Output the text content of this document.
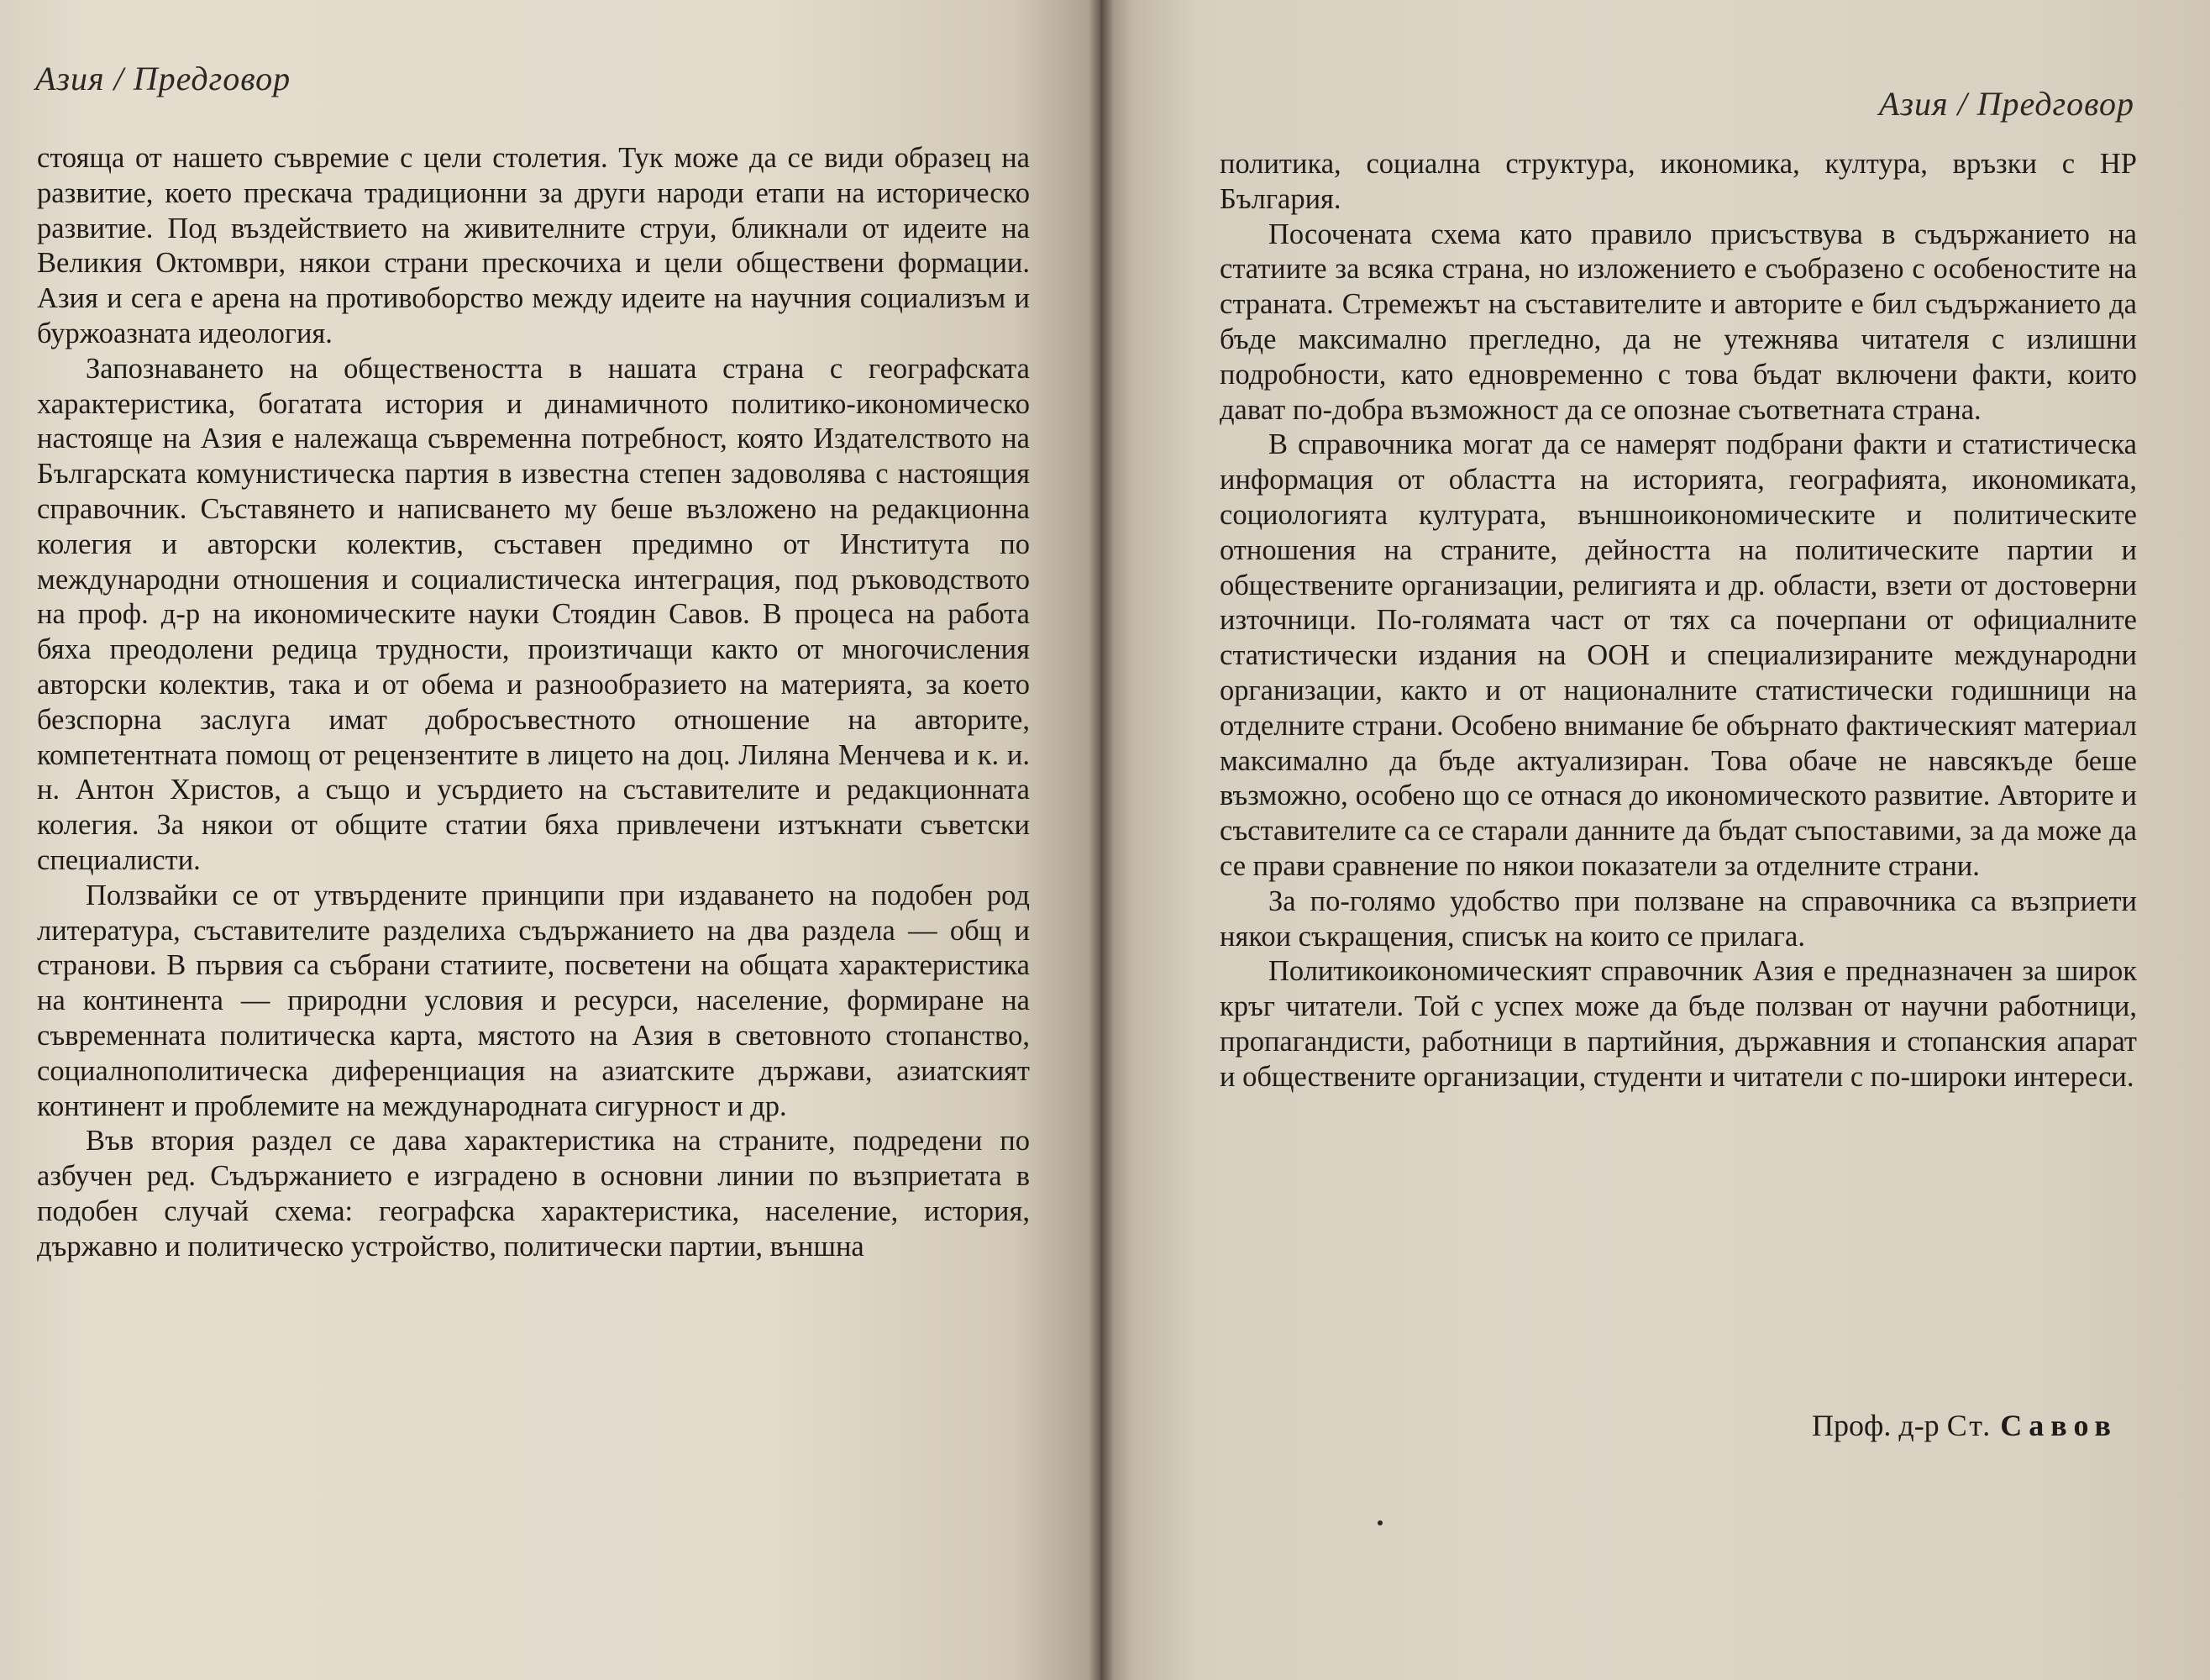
Азия / Предговор

стояща от нашето съвремие с цели столетия. Тук може да се види образец на развитие, което прескача традиционни за други народи етапи на историческо развитие. Под въздействието на живителните струи, бликнали от идеите на Великия Октомври, някои страни прескочиха и цели обществени формации. Азия и сега е арена на противоборство между идеите на научния социализъм и буржоазната идеология.

Запознаването на обществеността в нашата страна с географската характеристика, богатата история и динамичното политико-икономическо настояще на Азия е належаща съвременна потребност, която Издателството на Българската комунистическа партия в известна степен задоволява с настоящия справочник. Съставянето и написването му беше възложено на редакционна колегия и авторски колектив, съставен предимно от Института по международни отношения и социалистическа интеграция, под ръководството на проф. д-р на икономическите науки Стоядин Савов. В процеса на работа бяха преодолени редица трудности, произтичащи както от многочисления авторски колектив, така и от обема и разнообразието на материята, за което безспорна заслуга имат добросъвестното отношение на авторите, компетентната помощ от рецензентите в лицето на доц. Лиляна Менчева и к. и. н. Антон Христов, а също и усърдието на съставителите и редакционната колегия. За някои от общите статии бяха привлечени изтъкнати съветски специалисти.

Ползвайки се от утвърдените принципи при издаването на подобен род литература, съставителите разделиха съдържанието на два раздела — общ и странови. В първия са събрани статиите, посветени на общата характеристика на континента — природни условия и ресурси, население, формиране на съвременната политическа карта, мястото на Азия в световното стопанство, социалнополитическа диференциация на азиатските държави, азиатският континент и проблемите на международната сигурност и др.

Във втория раздел се дава характеристика на страните, подредени по азбучен ред. Съдържанието е изградено в основни линии по възприетата в подобен случай схема: географска характеристика, население, история, държавно и политическо устройство, политически партии, външна

Азия / Предговор

политика, социална структура, икономика, култура, връзки с НР България.

Посочената схема като правило присъствува в съдържанието на статиите за всяка страна, но изложението е съобразено с особеностите на страната. Стремежът на съставителите и авторите е бил съдържанието да бъде максимално прегледно, да не утежнява читателя с излишни подробности, като едновременно с това бъдат включени факти, които дават по-добра възможност да се опознае съответната страна.

В справочника могат да се намерят подбрани факти и статистическа информация от областта на историята, географията, икономиката, социологията културата, външноикономическите и политическите отношения на страните, дейността на политическите партии и обществените организации, религията и др. области, взети от достоверни източници. По-голямата част от тях са почерпани от официалните статистически издания на ООН и специализираните международни организации, както и от националните статистически годишници на отделните страни. Особено внимание бе обърнато фактическият материал максимално да бъде актуализиран. Това обаче не навсякъде беше възможно, особено що се отнася до икономическото развитие. Авторите и съставителите са се старали данните да бъдат съпоставими, за да може да се прави сравнение по някои показатели за отделните страни.

За по-голямо удобство при ползване на справочника са възприети някои съкращения, списък на които се прилага.

Политикоикономическият справочник Азия е предназначен за широк кръг читатели. Той с успех може да бъде ползван от научни работници, пропагандисти, работници в партийния, държавния и стопанския апарат и обществените организации, студенти и читатели с по-широки интереси.

Проф. д-р Ст. Савов
